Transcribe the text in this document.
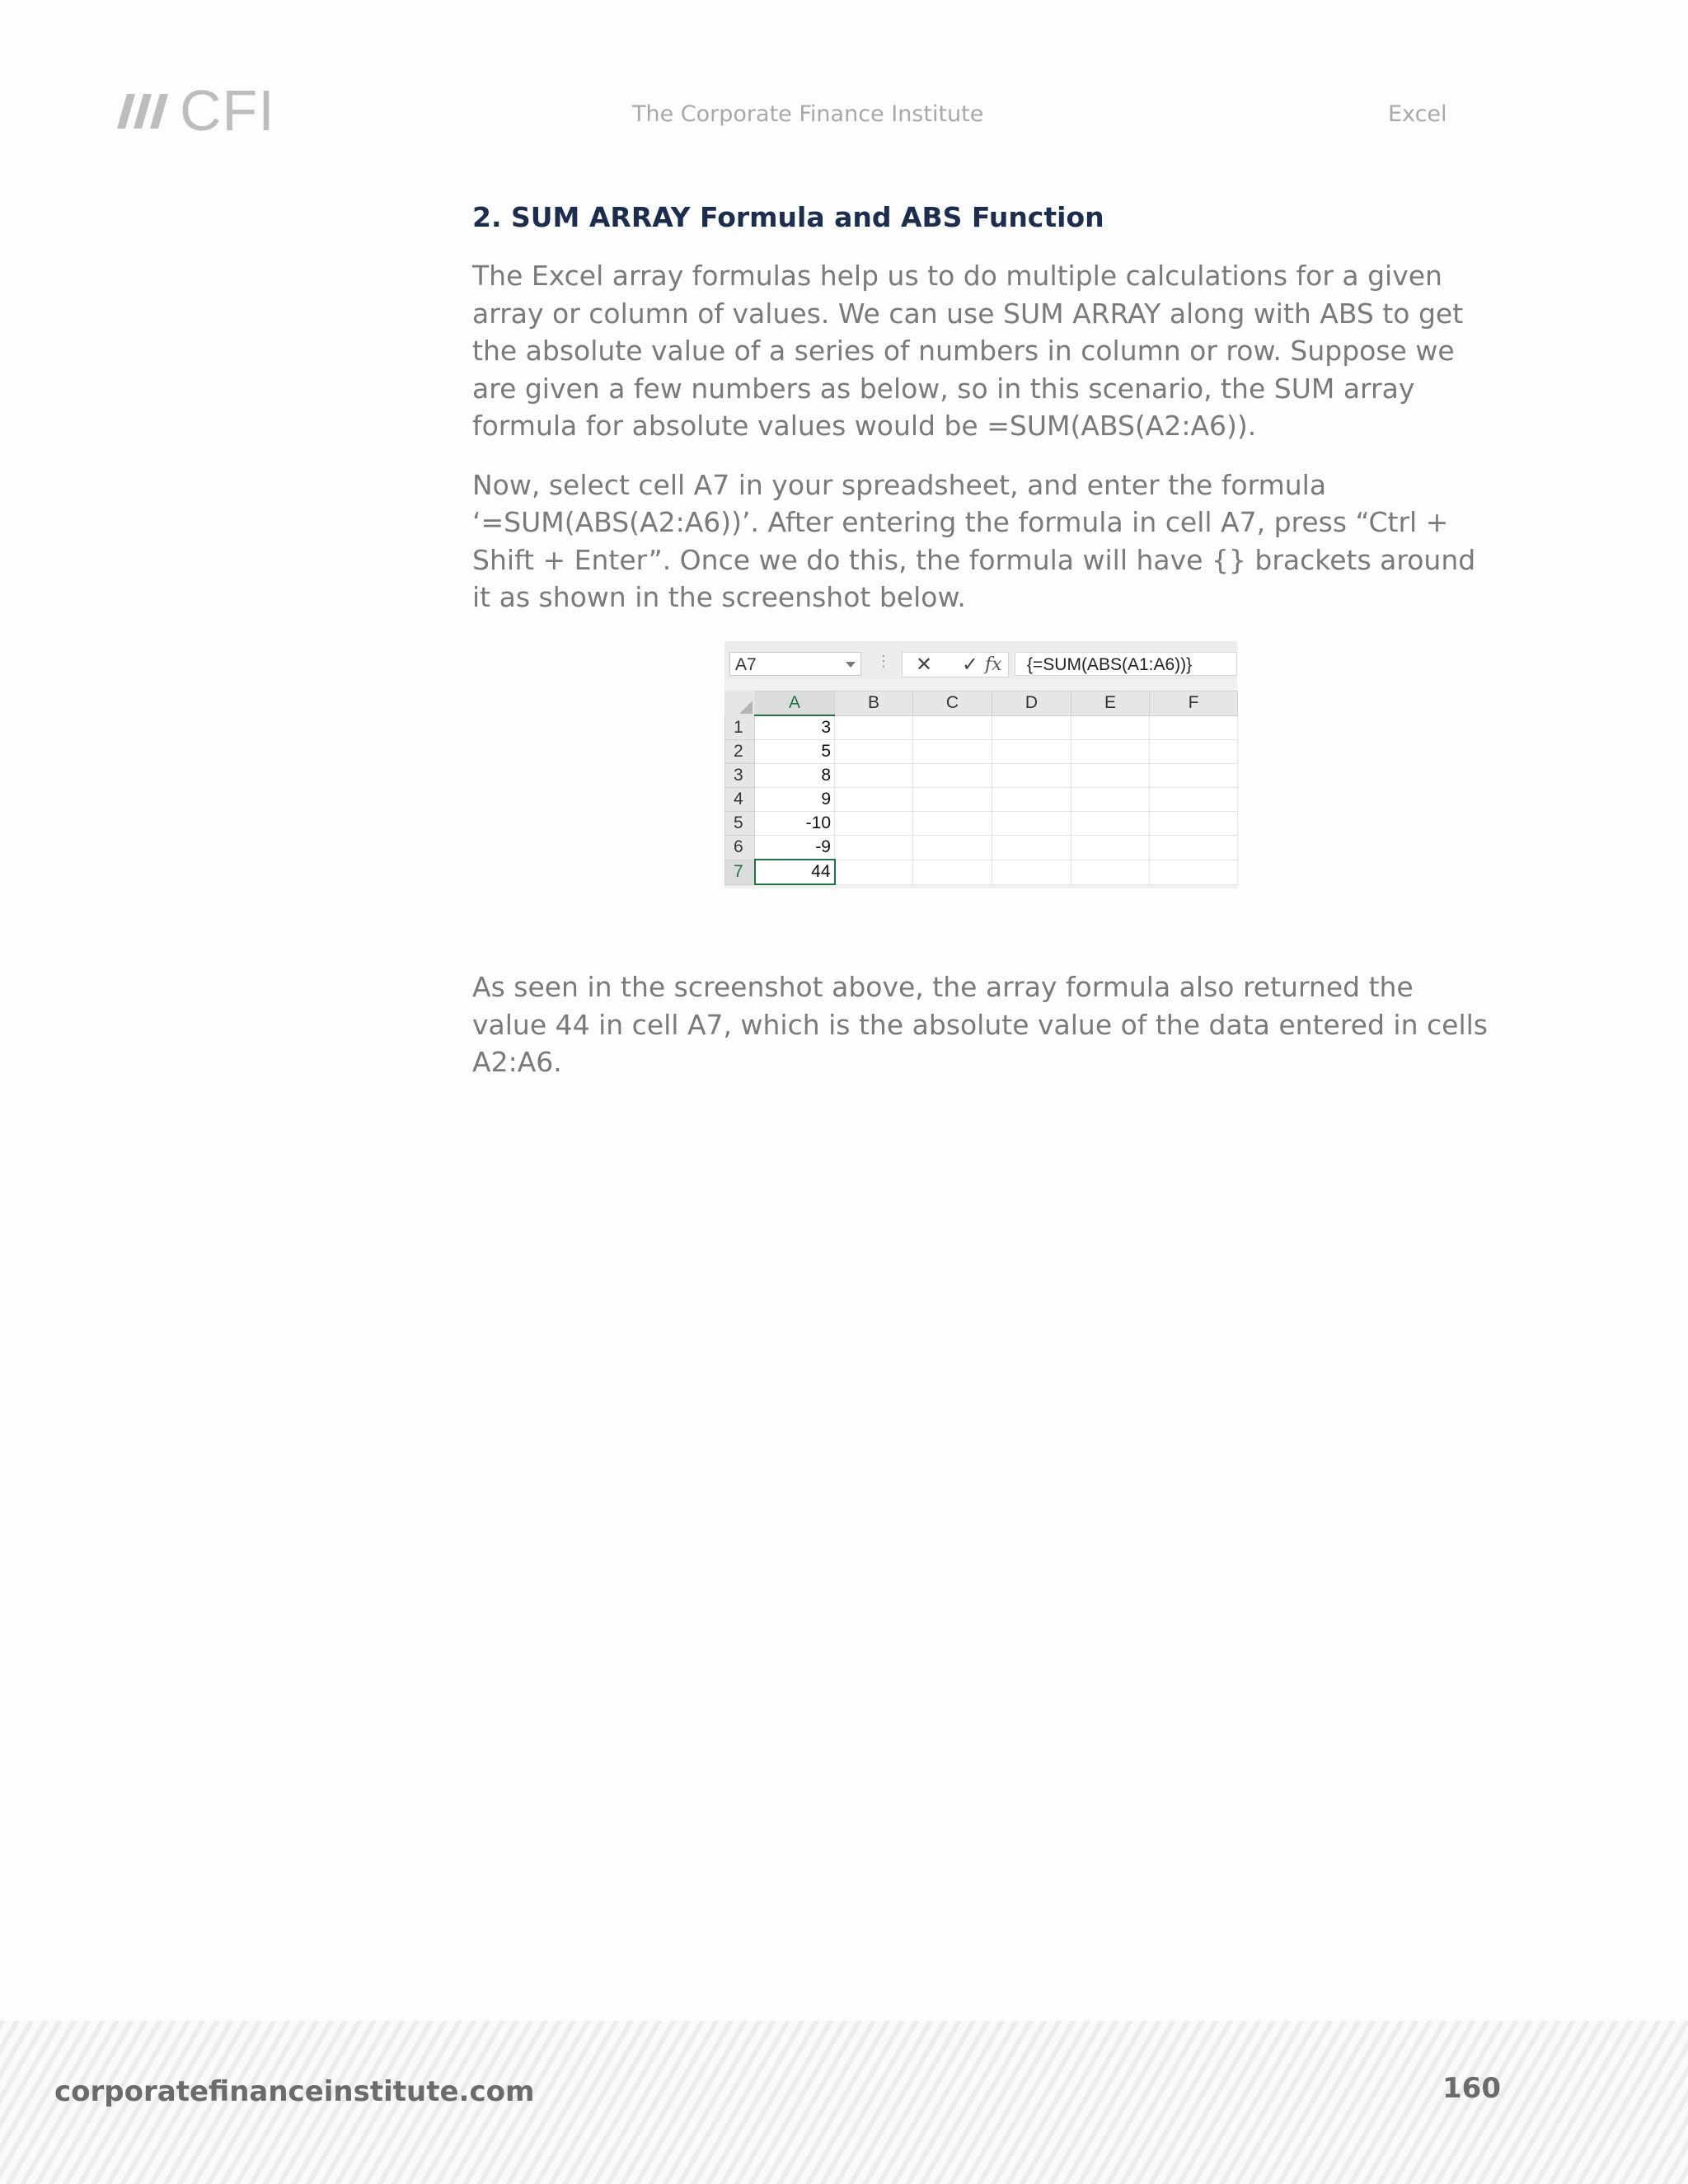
CFI	The Corporate Finance Institute	Excel
2. SUM ARRAY Formula and ABS Function

The Excel array formulas help us to do multiple calculations for a given array or column of values. We can use SUM ARRAY along with ABS to get the absolute value of a series of numbers in column or row. Suppose we are given a few numbers as below, so in this scenario, the SUM array formula for absolute values would be =SUM(ABS(A2:A6)).

Now, select cell A7 in your spreadsheet, and enter the formula ‘=SUM(ABS(A2:A6))’. After entering the formula in cell A7, press “Ctrl + Shift + Enter”. Once we do this, the formula will have {} brackets around it as shown in the screenshot below.

A7	⋮ ✕ ✓ fx	{=SUM(ABS(A1:A6))}
	A	B	C	D	E	F
1	3					
2	5					
3	8					
4	9					
5	-10					
6	-9					
7	44					

As seen in the screenshot above, the array formula also returned the value 44 in cell A7, which is the absolute value of the data entered in cells A2:A6.

corporatefinanceinstitute.com	160
